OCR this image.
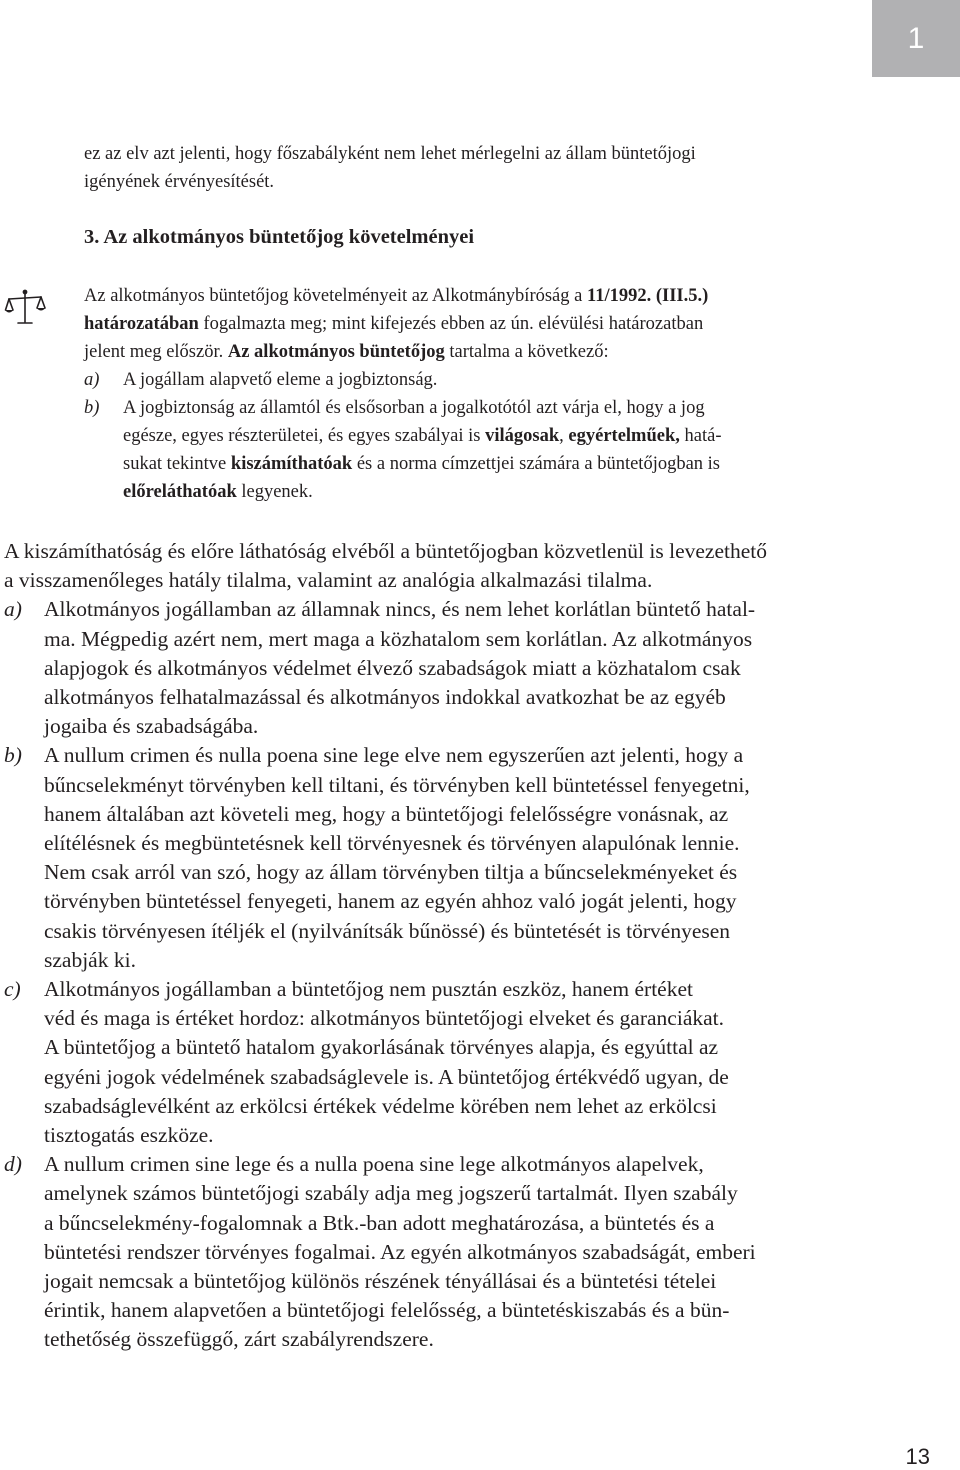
1
ez az elv azt jelenti, hogy főszabályként nem lehet mérlegelni az állam büntetőjogi
igényének érvényesítését.
3. Az alkotmányos büntetőjog követelményei
Az alkotmányos büntetőjog követelményeit az Alkotmánybíróság a 11/1992. (III.5.)
határozatában fogalmazta meg; mint kifejezés ebben az ún. elévülési határozatban
jelent meg először. Az alkotmányos büntetőjog tartalma a következő:
a) A jogállam alapvető eleme a jogbiztonság.
b) A jogbiztonság az államtól és elsősorban a jogalkotótól azt várja el, hogy a jog
egésze, egyes részterületei, és egyes szabályai is világosak, egyértelműek, hatá-
sukat tekintve kiszámíthatóak és a norma címzettjei számára a büntetőjogban is
előreláthatóak legyenek.
A kiszámíthatóság és előre láthatóság elvéből a büntetőjogban közvetlenül is levezethető
a visszamenőleges hatály tilalma, valamint az analógia alkalmazási tilalma.
a) Alkotmányos jogállamban az államnak nincs, és nem lehet korlátlan büntető hatal-
ma. Mégpedig azért nem, mert maga a közhatalom sem korlátlan. Az alkotmányos
alapjogok és alkotmányos védelmet élvező szabadságok miatt a közhatalom csak
alkotmányos felhatalmazással és alkotmányos indokkal avatkozhat be az egyéb
jogaiba és szabadságába.
b) A nullum crimen és nulla poena sine lege elve nem egyszerűen azt jelenti, hogy a
bűncselekményt törvényben kell tiltani, és törvényben kell büntetéssel fenyegetni,
hanem általában azt követeli meg, hogy a büntetőjogi felelősségre vonásnak, az
elítélésnek és megbüntetésnek kell törvényesnek és törvényen alapulónak lennie.
Nem csak arról van szó, hogy az állam törvényben tiltja a bűncselekményeket és
törvényben büntetéssel fenyegeti, hanem az egyén ahhoz való jogát jelenti, hogy
csakis törvényesen ítéljék el (nyilvánítsák bűnössé) és büntetését is törvényesen
szabják ki.
c) Alkotmányos jogállamban a büntetőjog nem pusztán eszköz, hanem értéket
véd és maga is értéket hordoz: alkotmányos büntetőjogi elveket és garanciákat.
A büntetőjog a büntető hatalom gyakorlásának törvényes alapja, és egyúttal az
egyéni jogok védelmének szabadságlevele is. A büntetőjog értékvédő ugyan, de
szabadságlevélként az erkölcsi értékek védelme körében nem lehet az erkölcsi
tisztogatás eszköze.
d) A nullum crimen sine lege és a nulla poena sine lege alkotmányos alapelvek,
amelynek számos büntetőjogi szabály adja meg jogszerű tartalmát. Ilyen szabály
a bűncselekmény-fogalomnak a Btk.-ban adott meghatározása, a büntetés és a
büntetési rendszer törvényes fogalmai. Az egyén alkotmányos szabadságát, emberi
jogait nemcsak a büntetőjog különös részének tényállásai és a büntetési tételei
érintik, hanem alapvetően a büntetőjogi felelősség, a büntetéskiszabás és a bün-
tethetőség összefüggő, zárt szabályrendszere.
13
